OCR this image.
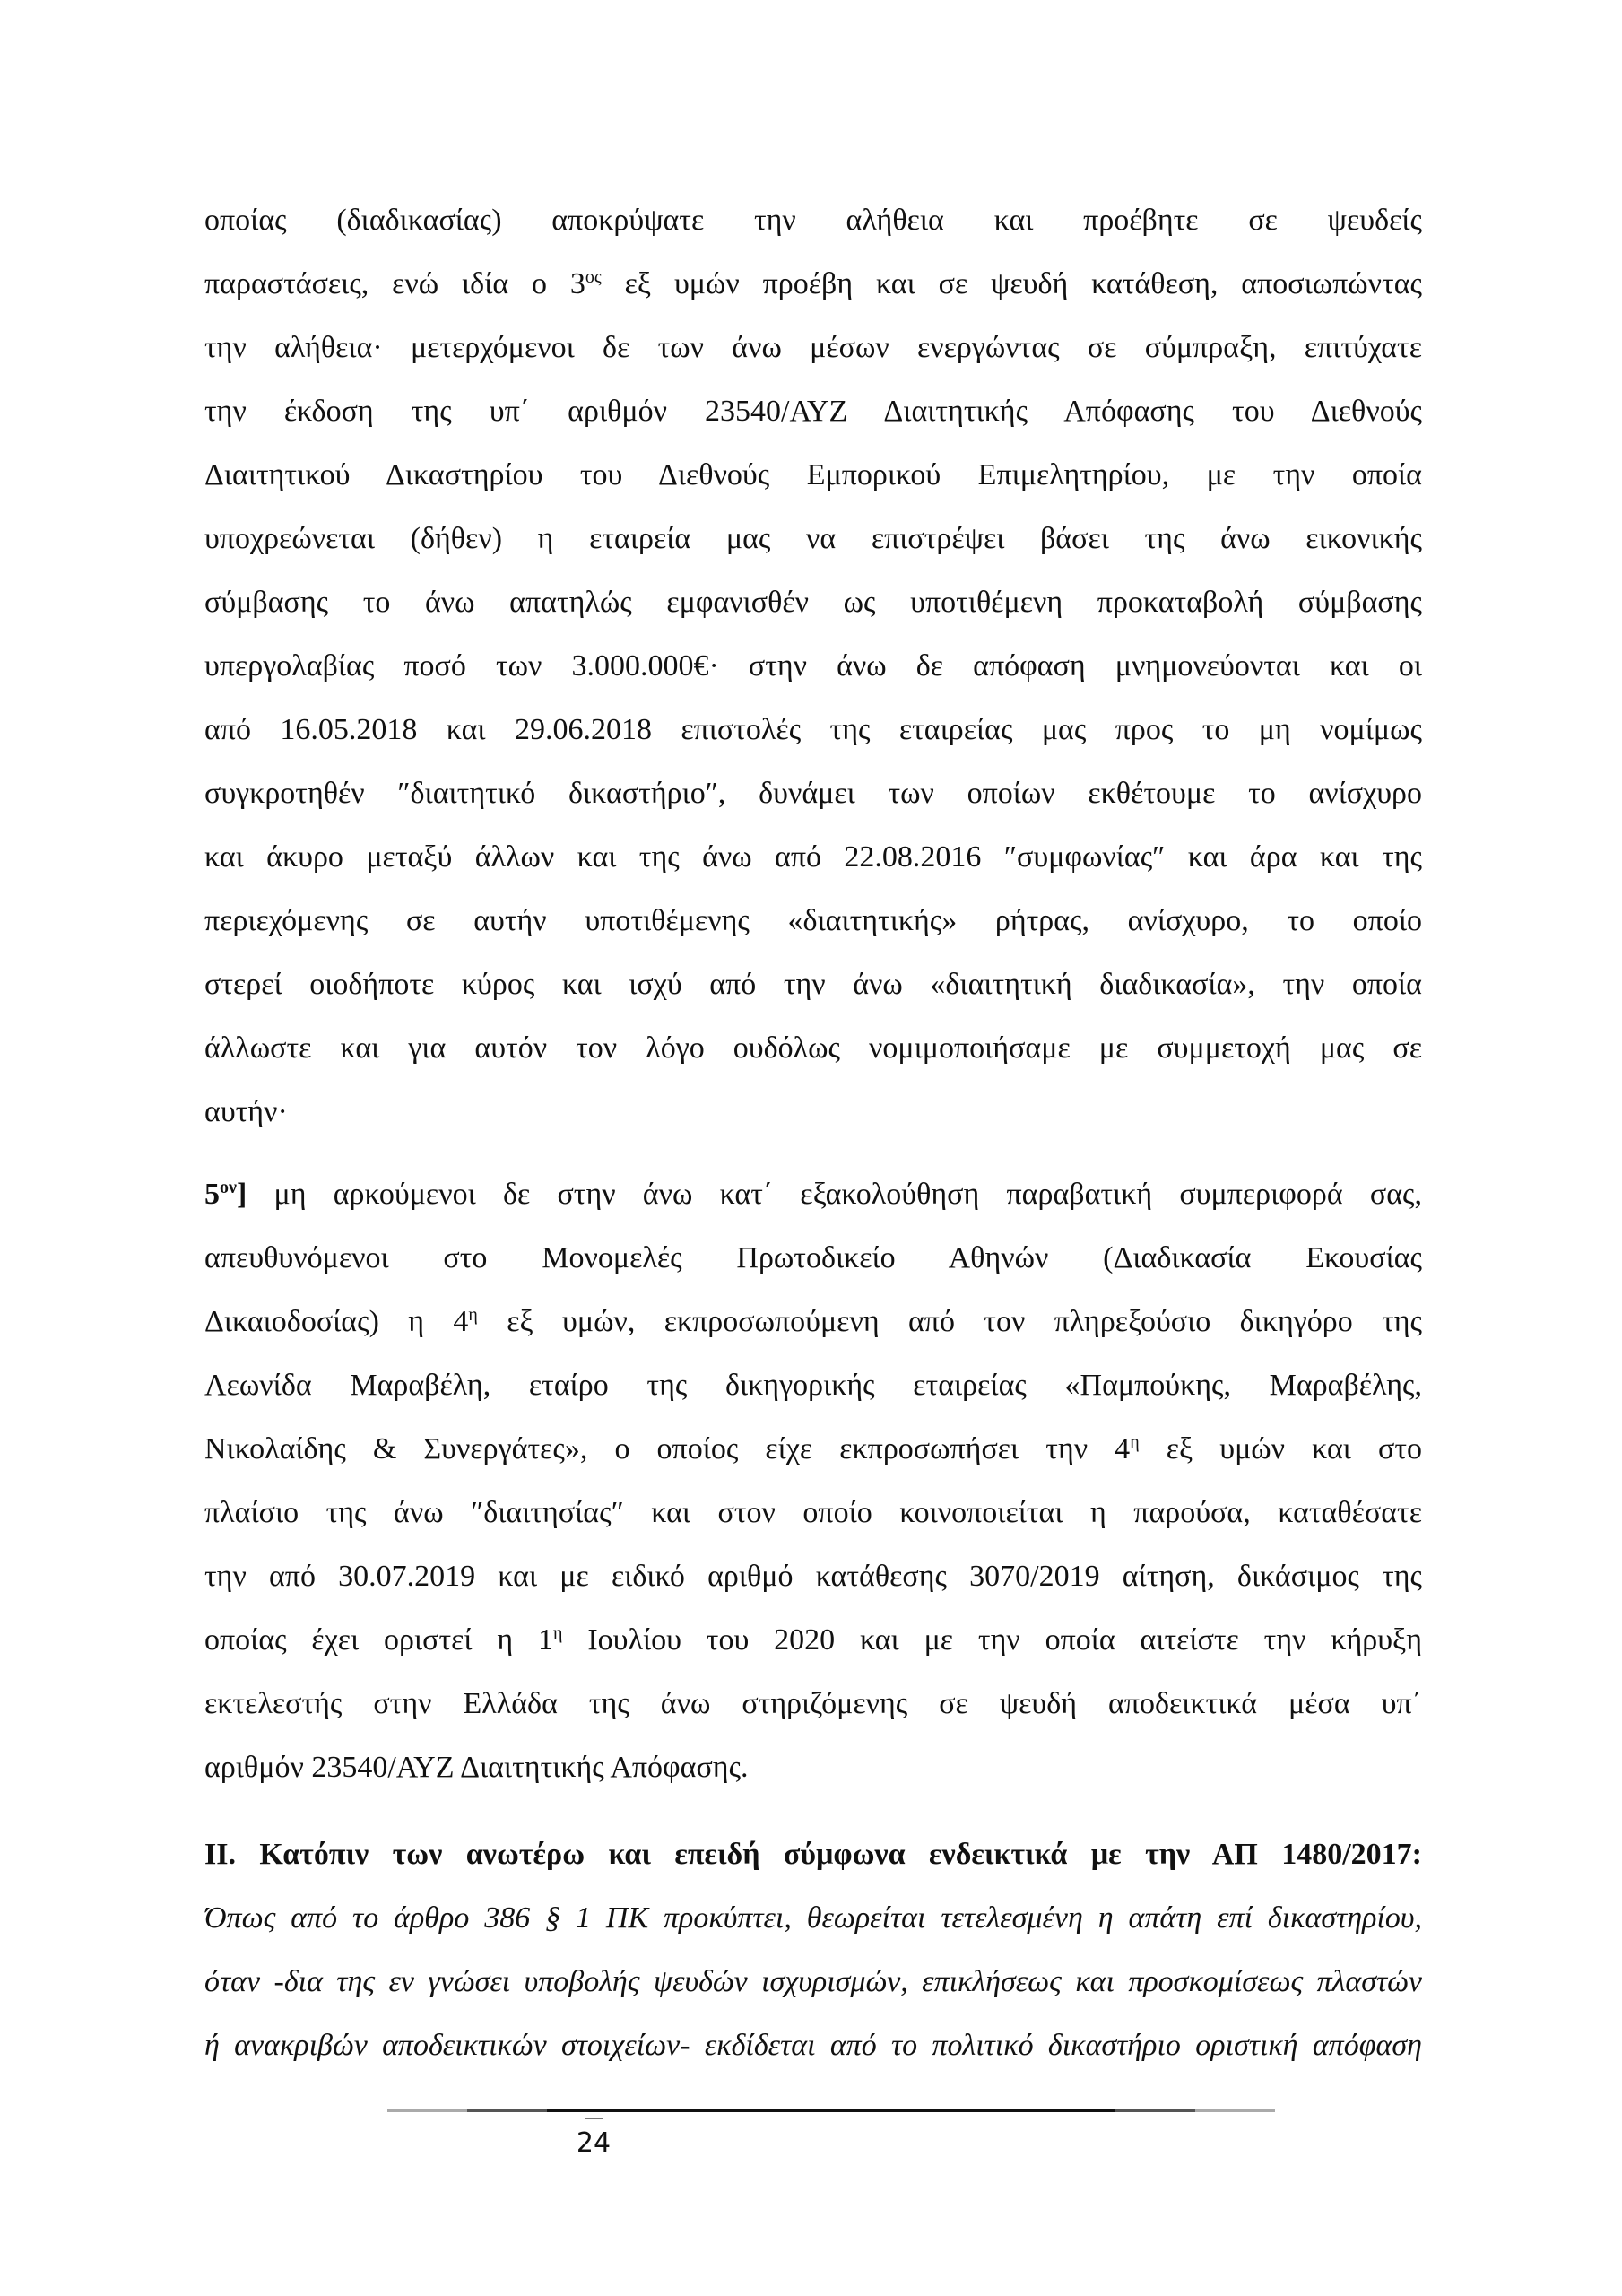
οποίας (διαδικασίας) αποκρύψατε την αλήθεια και προέβητε σε ψευδείς
παραστάσεις, ενώ ιδία ο $3^{o\varsigma}$ εξ υμών προέβη και σε ψευδή κατάθεση, αποσιωπώντας
την αλήθεια· μετερχόμενοι δε των άνω μέσων ενεργώντας σε σύμπραξη, επιτύχατε
την έκδοση της υπ΄ αριθμόν 23540/ΑΥΖ Διαιτητικής Απόφασης του Διεθνούς
Διαιτητικού Δικαστηρίου του Διεθνούς Εμπορικού Επιμελητηρίου, με την οποία
υποχρεώνεται (δήθεν) η εταιρεία μας να επιστρέψει βάσει της άνω εικονικής
σύμβασης το άνω απατηλώς εμφανισθέν ως υποτιθέμενη προκαταβολή σύμβασης
υπεργολαβίας ποσό των 3.000.000€· στην άνω δε απόφαση μνημονεύονται και οι
από 16.05.2018 και 29.06.2018 επιστολές της εταιρείας μας προς το μη νομίμως
συγκροτηθέν ″διαιτητικό δικαστήριο″, δυνάμει των οποίων εκθέτουμε το ανίσχυρο
και άκυρο μεταξύ άλλων και της άνω από 22.08.2016 ″συμφωνίας″ και άρα και της
περιεχόμενης σε αυτήν υποτιθέμενης «διαιτητικής» ρήτρας, ανίσχυρο, το οποίο
στερεί οιοδήποτε κύρος και ισχύ από την άνω «διαιτητική διαδικασία», την οποία
άλλωστε και για αυτόν τον λόγο ουδόλως νομιμοποιήσαμε με συμμετοχή μας σε
αυτήν·
$5^{o\nu}$] μη αρκούμενοι δε στην άνω κατ΄ εξακολούθηση παραβατική συμπεριφορά σας,
απευθυνόμενοι στο Μονομελές Πρωτοδικείο Αθηνών (Διαδικασία Εκουσίας
Δικαιοδοσίας) η $4^\eta$ εξ υμών, εκπροσωπούμενη από τον πληρεξούσιο δικηγόρο της
Λεωνίδα Μαραβέλη, εταίρο της δικηγορικής εταιρείας «Παμπούκης, Μαραβέλης,
Νικολαίδης & Συνεργάτες», ο οποίος είχε εκπροσωπήσει την $4^\eta$ εξ υμών και στο
πλαίσιο της άνω ″διαιτησίας″ και στον οποίο κοινοποιείται η παρούσα, καταθέσατε
την από 30.07.2019 και με ειδικό αριθμό κατάθεσης 3070/2019 αίτηση, δικάσιμος της
οποίας έχει οριστεί η $1^\eta$ Ιουλίου του 2020 και με την οποία αιτείστε την κήρυξη
εκτελεστής στην Ελλάδα της άνω στηριζόμενης σε ψευδή αποδεικτικά μέσα υπ΄
αριθμόν 23540/ΑΥΖ Διαιτητικής Απόφασης.
ΙΙ. Κατόπιν των ανωτέρω και επειδή σύμφωνα ενδεικτικά με την ΑΠ 1480/2017:
Όπως από το άρθρο 386 § 1 ΠΚ προκύπτει, θεωρείται τετελεσμένη η απάτη επί δικαστηρίου,
όταν -δια της εν γνώσει υποβολής ψευδών ισχυρισμών, επικλήσεως και προσκομίσεως πλαστών
ή ανακριβών αποδεικτικών στοιχείων- εκδίδεται από το πολιτικό δικαστήριο οριστική απόφαση
24
